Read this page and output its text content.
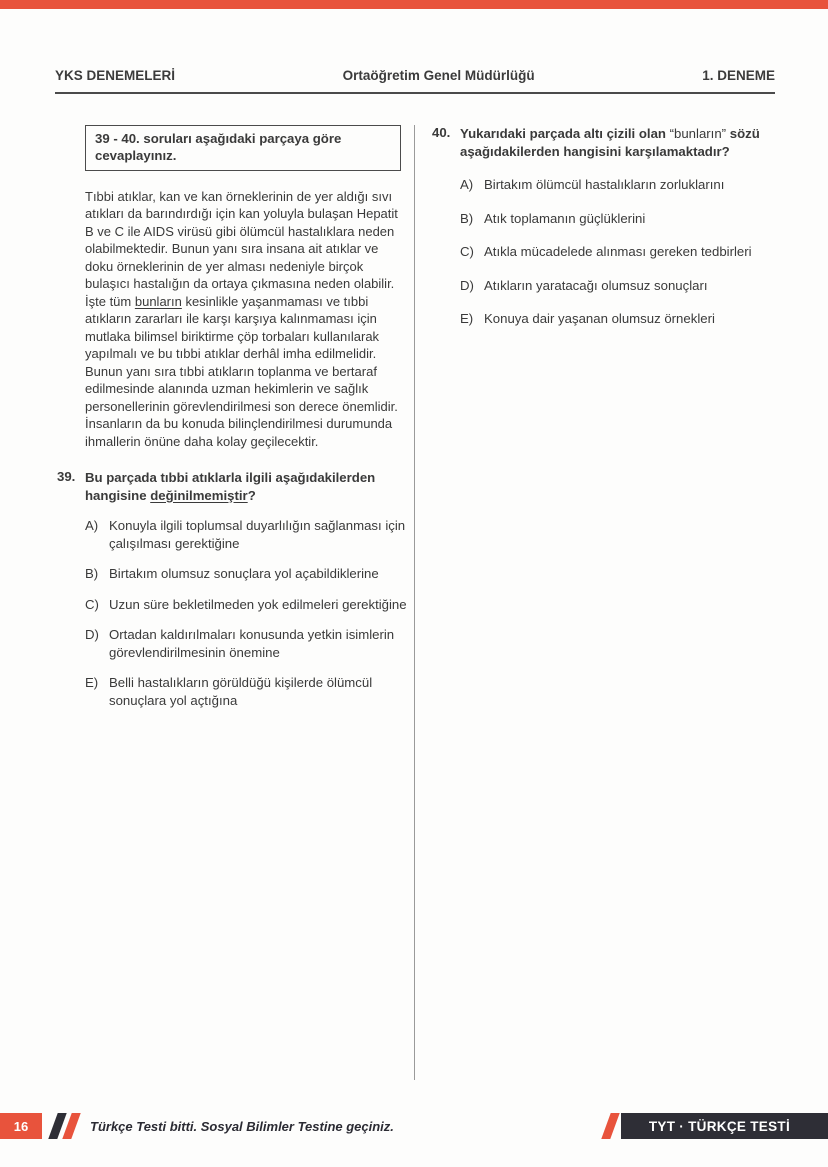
YKS DENEMELERİ	Ortaöğretim Genel Müdürlüğü	1. DENEME
39 - 40. soruları aşağıdaki parçaya göre cevaplayınız.

Tıbbi atıklar, kan ve kan örneklerinin de yer aldığı sıvı atıkları da barındırdığı için kan yoluyla bulaşan Hepatit B ve C ile AIDS virüsü gibi ölümcül hastalıklara neden olabilmektedir. Bunun yanı sıra insana ait atıklar ve doku örneklerinin de yer alması nedeniyle birçok bulaşıcı hastalığın da ortaya çıkmasına neden olabilir. İşte tüm bunların kesinlikle yaşanmaması ve tıbbi atıkların zararları ile karşı karşıya kalınmaması için mutlaka bilimsel biriktirme çöp torbaları kullanılarak yapılmalı ve bu tıbbi atıklar derhâl imha edilmelidir. Bunun yanı sıra tıbbi atıkların toplanma ve bertaraf edilmesinde alanında uzman hekimlerin ve sağlık personellerinin görevlendirilmesi son derece önemlidir. İnsanların da bu konuda bilinçlendirilmesi durumunda ihmallerin önüne daha kolay geçilecektir.

39. Bu parçada tıbbi atıklarla ilgili aşağıdakilerden hangisine değinilmemiştir?
A) Konuyla ilgili toplumsal duyarlılığın sağlanması için çalışılması gerektiğine
B) Birtakım olumsuz sonuçlara yol açabildiklerine
C) Uzun süre bekletilmeden yok edilmeleri gerektiğine
D) Ortadan kaldırılmaları konusunda yetkin isimlerin görevlendirilmesinin önemine
E) Belli hastalıkların görüldüğü kişilerde ölümcül sonuçlara yol açtığına
40. Yukarıdaki parçada altı çizili olan “bunların” sözü aşağıdakilerden hangisini karşılamaktadır?
A) Birtakım ölümcül hastalıkların zorluklarını
B) Atık toplamanın güçlüklerini
C) Atıkla mücadelede alınması gereken tedbirleri
D) Atıkların yaratacağı olumsuz sonuçları
E) Konuya dair yaşanan olumsuz örnekleri
16	Türkçe Testi bitti. Sosyal Bilimler Testine geçiniz.	TYT · TÜRKÇE TESTİ
